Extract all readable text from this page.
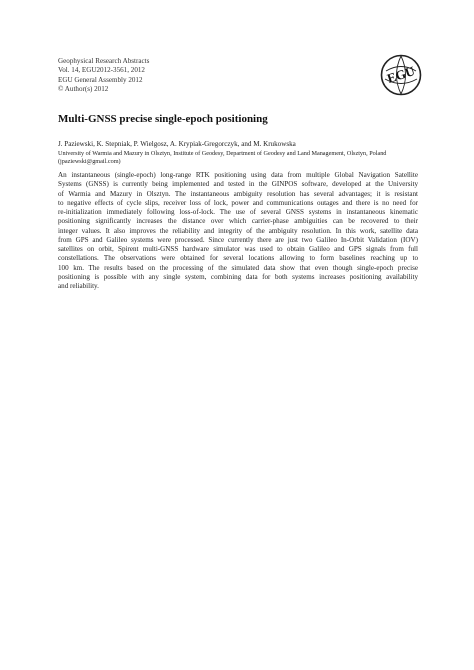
Geophysical Research Abstracts
Vol. 14, EGU2012-3561, 2012
EGU General Assembly 2012
© Author(s) 2012
EGU
Multi-GNSS precise single-epoch positioning
J. Paziewski, K. Stepniak, P. Wielgosz, A. Krypiak-Gregorczyk, and M. Krukowska
University of Warmia and Mazury in Olsztyn, Institute of Geodesy, Department of Geodesy and Land Management, Olsztyn, Poland (jpaziewski@gmail.com)
An instantaneous (single-epoch) long-range RTK positioning using data from multiple Global Navigation Satellite
Systems (GNSS) is currently being implemented and tested in the GINPOS software, developed at the University
of Warmia and Mazury in Olsztyn. The instantaneous ambiguity resolution has several advantages; it is resistant
to negative effects of cycle slips, receiver loss of lock, power and communications outages and there is no need for
re-initialization immediately following loss-of-lock. The use of several GNSS systems in instantaneous kinematic
positioning significantly increases the distance over which carrier-phase ambiguities can be recovered to their
integer values. It also improves the reliability and integrity of the ambiguity resolution. In this work, satellite data
from GPS and Galileo systems were processed. Since currently there are just two Galileo In-Orbit Validation (IOV)
satellites on orbit, Spirent multi-GNSS hardware simulator was used to obtain Galileo and GPS signals from full
constellations. The observations were obtained for several locations allowing to form baselines reaching up to
100 km. The results based on the processing of the simulated data show that even though single-epoch precise
positioning is possible with any single system, combining data for both systems increases positioning availability
and reliability.
